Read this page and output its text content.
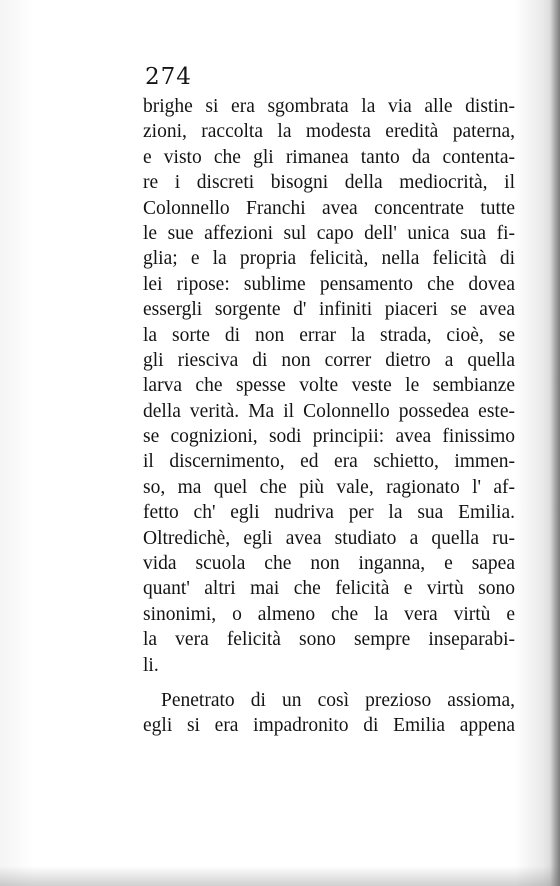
274
brighe si era sgombrata la via alle distin-
zioni, raccolta la modesta eredità paterna,
e visto che gli rimanea tanto da contenta-
re i discreti bisogni della mediocrità, il
Colonnello Franchi avea concentrate tutte
le sue affezioni sul capo dell' unica sua fi-
glia; e la propria felicità, nella felicità di
lei ripose: sublime pensamento che dovea
essergli sorgente d' infiniti piaceri se avea
la sorte di non errar la strada, cioè, se
gli riesciva di non correr dietro a quella
larva che spesse volte veste le sembianze
della verità. Ma il Colonnello possedea este-
se cognizioni, sodi principii: avea finissimo
il discernimento, ed era schietto, immen-
so, ma quel che più vale, ragionato l' af-
fetto ch' egli nudriva per la sua Emilia.
Oltredichè, egli avea studiato a quella ru-
vida scuola che non inganna, e sapea
quant' altri mai che felicità e virtù sono
sinonimi, o almeno che la vera virtù e
la vera felicità sono sempre inseparabi-
li.
Penetrato di un così prezioso assioma,
egli si era impadronito di Emilia appena
